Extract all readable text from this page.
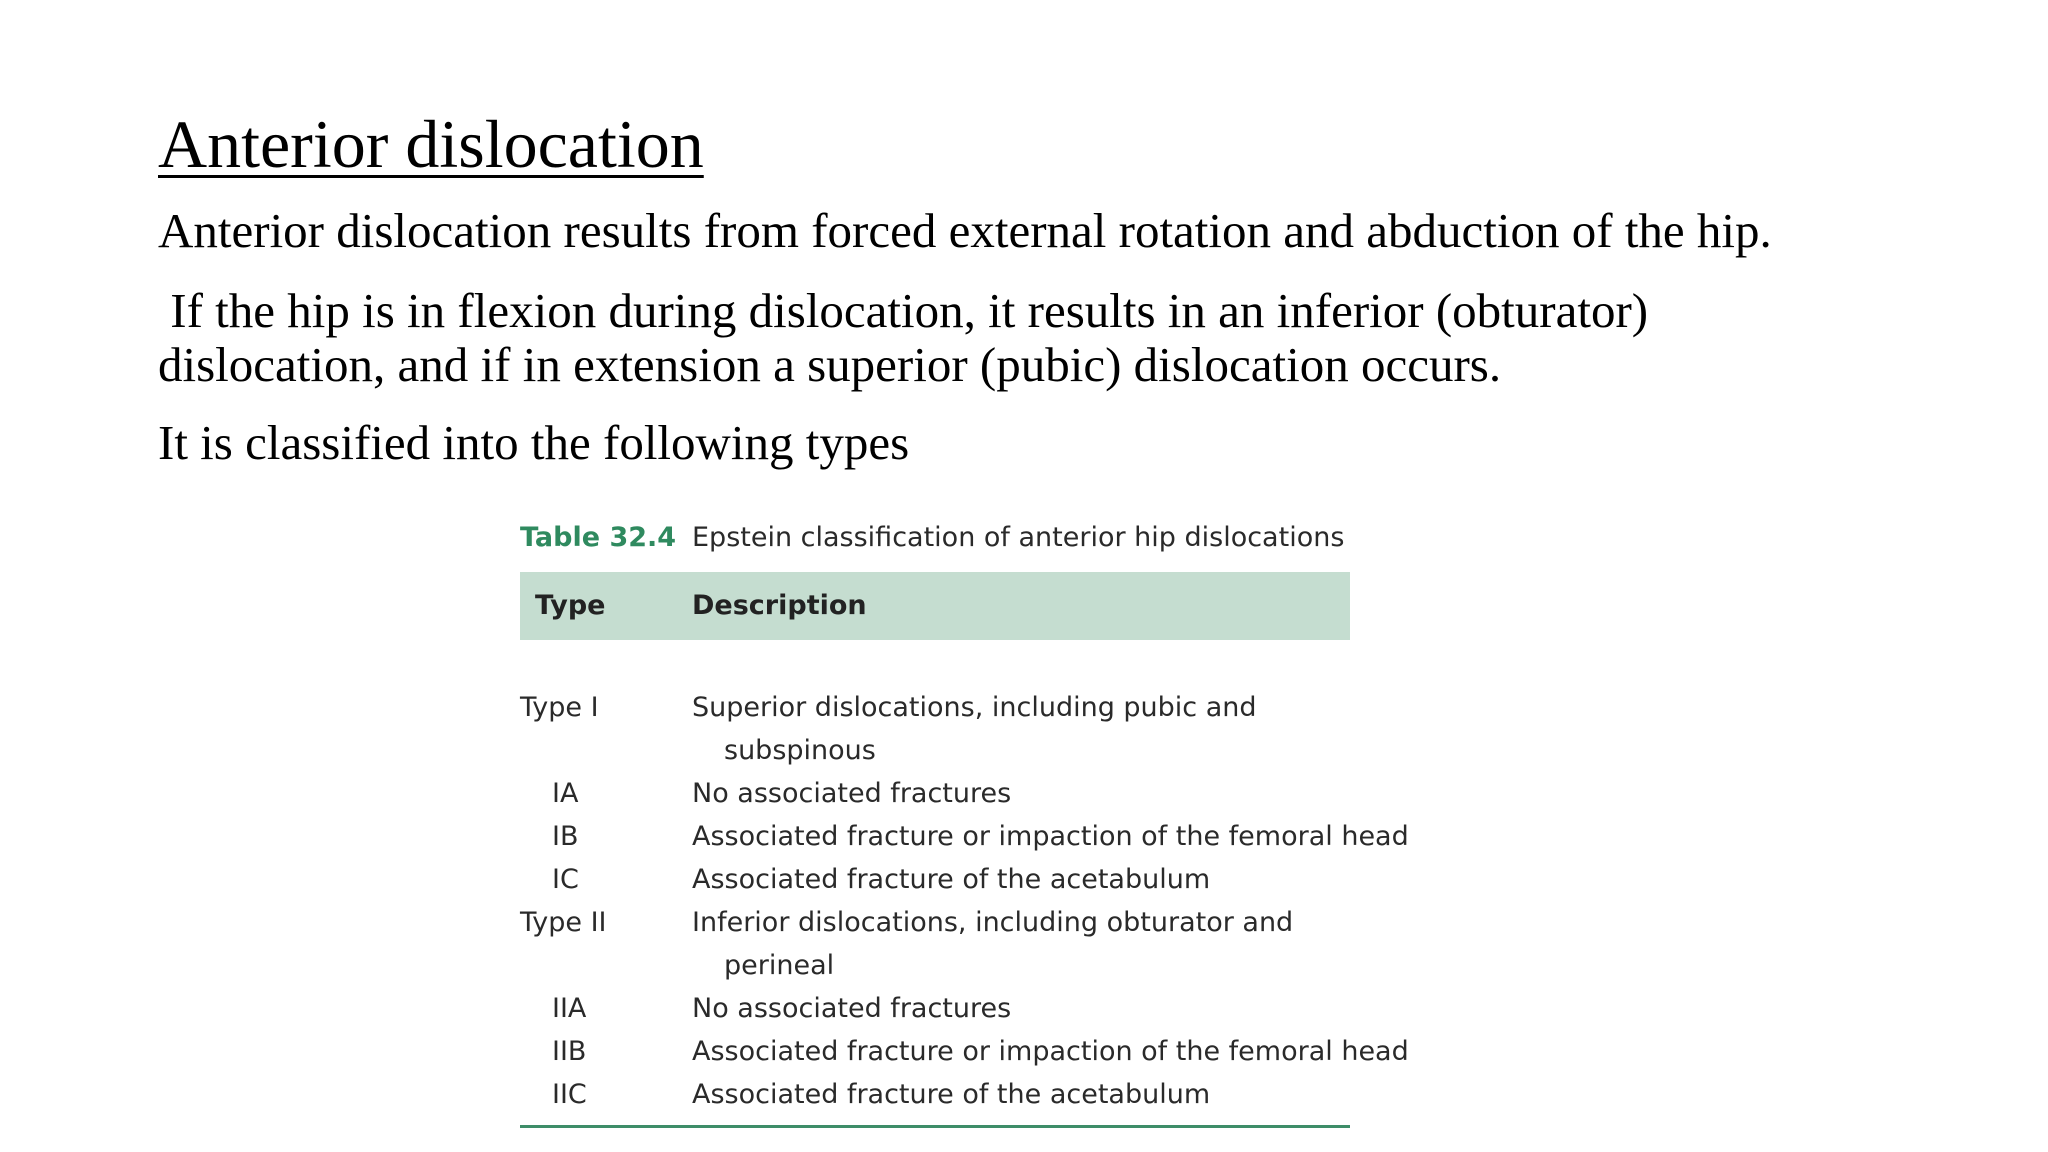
Anterior dislocation
Anterior dislocation results from forced external rotation and abduction of the hip.
If the hip is in flexion during dislocation, it results in an inferior (obturator)
dislocation, and if in extension a superior (pubic) dislocation occurs.
It is classified into the following types
Table 32.4 Epstein classification of anterior hip dislocations
Type	Description
Type I	Superior dislocations, including pubic and
subspinous
IA	No associated fractures
IB	Associated fracture or impaction of the femoral head
IC	Associated fracture of the acetabulum
Type II	Inferior dislocations, including obturator and
perineal
IIA	No associated fractures
IIB	Associated fracture or impaction of the femoral head
IIC	Associated fracture of the acetabulum
